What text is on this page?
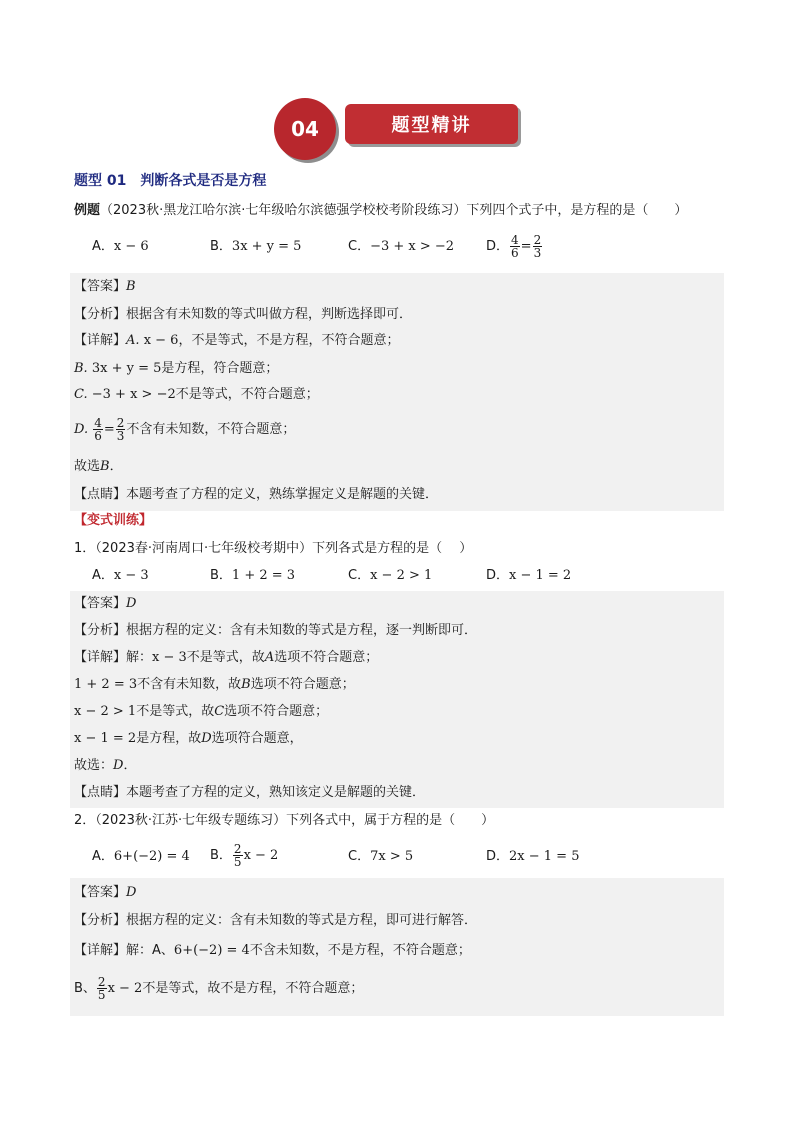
04	题型精讲
题型 01 判断各式是否是方程
例题（2023秋·黑龙江哈尔滨·七年级哈尔滨德强学校校考阶段练习）下列四个式子中，是方程的是（　　）
A．x − 6	B．3x + y = 5	C．−3 + x > −2 D． $\frac{4}{6} = \frac{2}{3}$
【答案】B
【分析】根据含有未知数的等式叫做方程，判断选择即可．
【详解】A. x − 6，不是等式，不是方程，不符合题意；
B. 3x + y = 5是方程，符合题意；
C. −3 + x > −2不是等式，不符合题意；
D. $\frac{4}{6} = \frac{2}{3}$ 不含有未知数，不符合题意；
故选B．
【点睛】本题考查了方程的定义，熟练掌握定义是解题的关键．
【变式训练】
1．（2023春·河南周口·七年级校考期中）下列各式是方程的是（　 ）
A．x − 3	B．1 + 2 = 3	C．x − 2 > 1	D．x − 1 = 2
【答案】D
【分析】根据方程的定义：含有未知数的等式是方程，逐一判断即可．
【详解】解：x − 3不是等式，故A选项不符合题意；
1 + 2 = 3不含有未知数，故B选项不符合题意；
x − 2 > 1不是等式，故C选项不符合题意；
x − 1 = 2是方程，故D选项符合题意，
故选：D．
【点睛】本题考查了方程的定义，熟知该定义是解题的关键．
2．（2023秋·江苏·七年级专题练习）下列各式中，属于方程的是（　　）
A．6+(−2) = 4 B． $\frac{2}{5}$ x − 2	C．7x > 5	D．2x − 1 = 5
【答案】D
【分析】根据方程的定义：含有未知数的等式是方程，即可进行解答．
【详解】解：A、6+(−2) = 4不含未知数，不是方程，不符合题意；
B、 $\frac{2}{5}$ x − 2不是等式，故不是方程，不符合题意；
